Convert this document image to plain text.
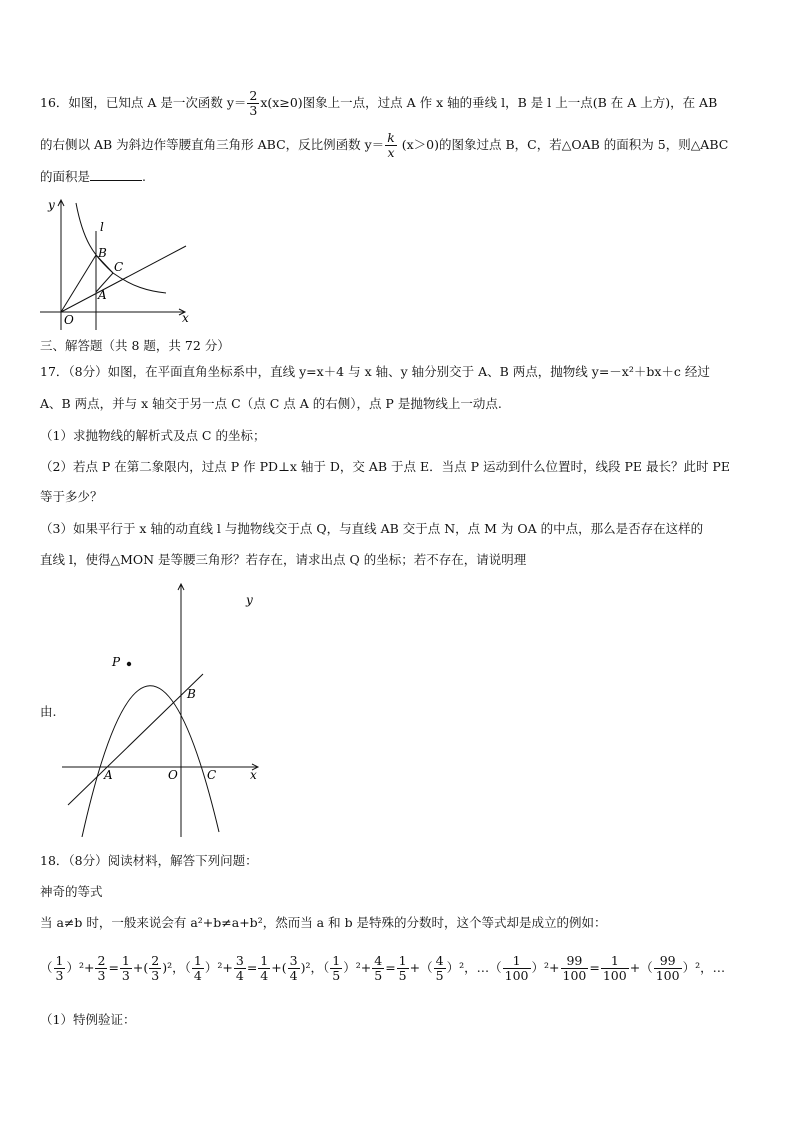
16．如图，已知点 A 是一次函数 $y= \frac{2}{3} x(x\ge 0)$图象上一点，过点 A 作 x 轴的垂线 l，B 是 l 上一点(B 在 A 上方)，在 AB
的右侧以 AB 为斜边作等腰直角三角形 ABC，反比例函数 $y= \frac{k}{x} (x>0)$的图象过点 B，C，若△OAB 的面积为 5，则△ABC
的面积是	.
y
x
O
l
B
C
A
三、解答题（共 8 题，共 72 分）
17．（8分）如图，在平面直角坐标系中，直线 y=x＋4 与 x 轴、y 轴分别交于 A、B 两点，抛物线 y=－x²＋bx＋c 经过
A、B 两点，并与 x 轴交于另一点 C（点 C 点 A 的右侧），点 P 是抛物线上一动点.
（1）求抛物线的解析式及点 C 的坐标；
（2）若点 P 在第二象限内，过点 P 作 PD⊥x 轴于 D，交 AB 于点 E．当点 P 运动到什么位置时，线段 PE 最长？此时 PE
等于多少？
（3）如果平行于 x 轴的动直线 l 与抛物线交于点 Q，与直线 AB 交于点 N，点 M 为 OA 的中点，那么是否存在这样的
直线 l，使得△MON 是等腰三角形？若存在，请求出点 Q 的坐标；若不存在，请说明理
由.
y
x
O
P
B
A	C
18．（8分）阅读材料，解答下列问题：
神奇的等式
当 a≠b 时，一般来说会有 a²+b≠a+b²，然而当 a 和 b 是特殊的分数时，这个等式却是成立的例如：
（ $\frac{1}{3} )^2+ \frac{2}{3} = \frac{1}{3}$ +( $\frac{2}{3} )^2$，（ $\frac{1}{4} )^2+ \frac{3}{4} = \frac{1}{4}$ +( $\frac{3}{4} )^2$，（ $\frac{1}{5} )^2+ \frac{4}{5} = \frac{1}{5}$ +（ $\frac{4}{5} )^2$，…（ $\frac{1}{100} )^2+ \frac{99}{100} = \frac{1}{100}$ +（ $\frac{99}{100} )^2$，…
（1）特例验证：
